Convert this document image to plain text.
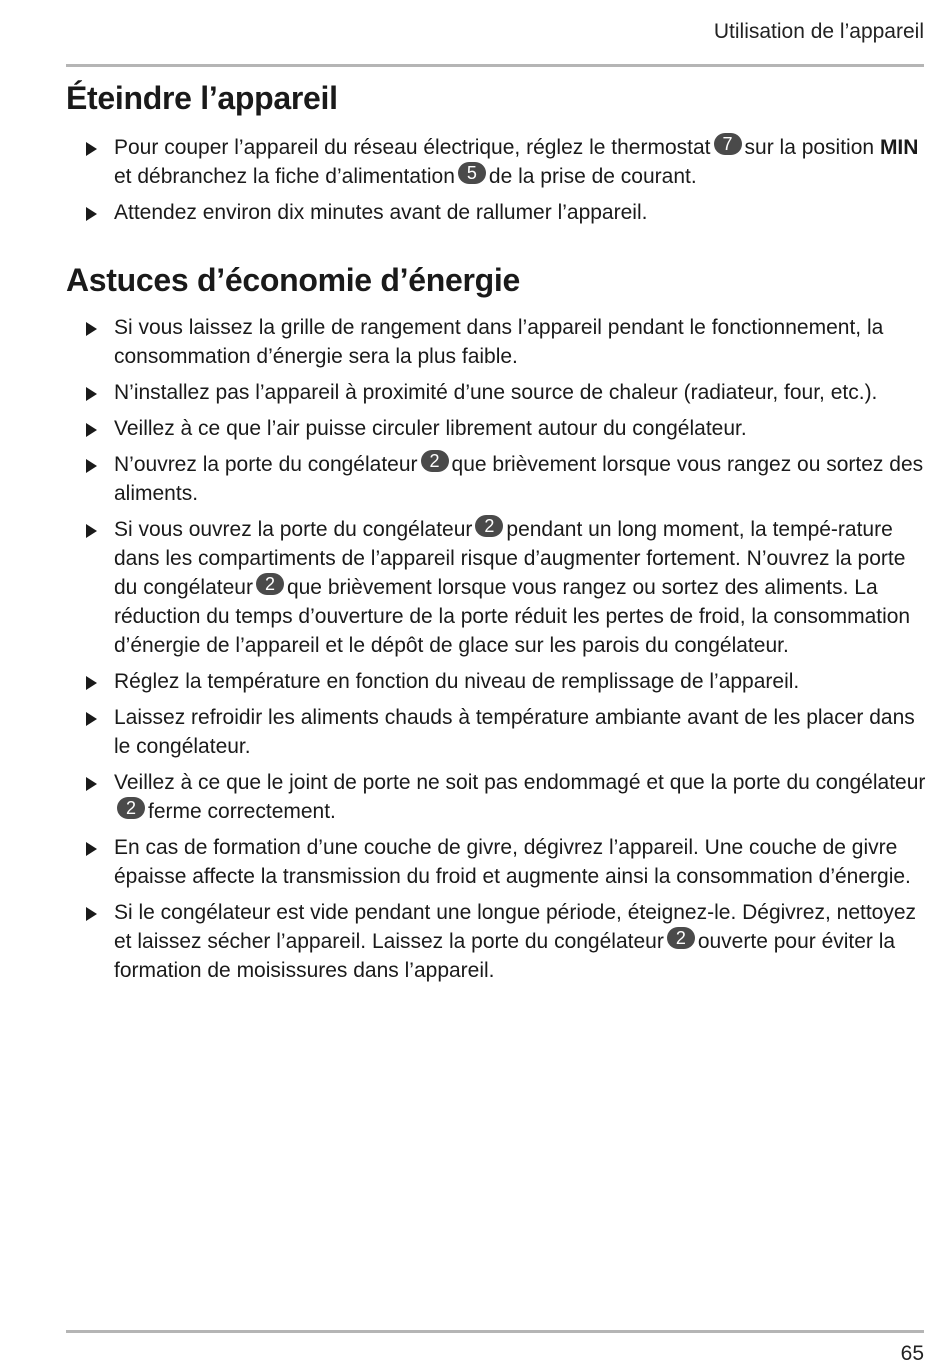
Utilisation de l’appareil
Éteindre l’appareil
Pour couper l’appareil du réseau électrique, réglez le thermostat 7 sur la position MIN et débranchez la fiche d’alimentation 5 de la prise de courant.
Attendez environ dix minutes avant de rallumer l’appareil.
Astuces d’économie d’énergie
Si vous laissez la grille de rangement dans l’appareil pendant le fonctionnement, la consommation d’énergie sera la plus faible.
N’installez pas l’appareil à proximité d’une source de chaleur (radiateur, four, etc.).
Veillez à ce que l’air puisse circuler librement autour du congélateur.
N’ouvrez la porte du congélateur 2 que brièvement lorsque vous rangez ou sortez des aliments.
Si vous ouvrez la porte du congélateur 2 pendant un long moment, la tempé-rature dans les compartiments de l’appareil risque d’augmenter fortement. N’ouvrez la porte du congélateur 2 que brièvement lorsque vous rangez ou sortez des aliments. La réduction du temps d’ouverture de la porte réduit les pertes de froid, la consommation d’énergie de l’appareil et le dépôt de glace sur les parois du congélateur.
Réglez la température en fonction du niveau de remplissage de l’appareil.
Laissez refroidir les aliments chauds à température ambiante avant de les placer dans le congélateur.
Veillez à ce que le joint de porte ne soit pas endommagé et que la porte du congélateur2 ferme correctement.
En cas de formation d’une couche de givre, dégivrez l’appareil. Une couche de givre épaisse affecte la transmission du froid et augmente ainsi la consommation d’énergie.
Si le congélateur est vide pendant une longue période, éteignez-le. Dégivrez, nettoyez et laissez sécher l’appareil. Laissez la porte du congélateur 2 ouverte pour éviter la formation de moisissures dans l’appareil.
65
